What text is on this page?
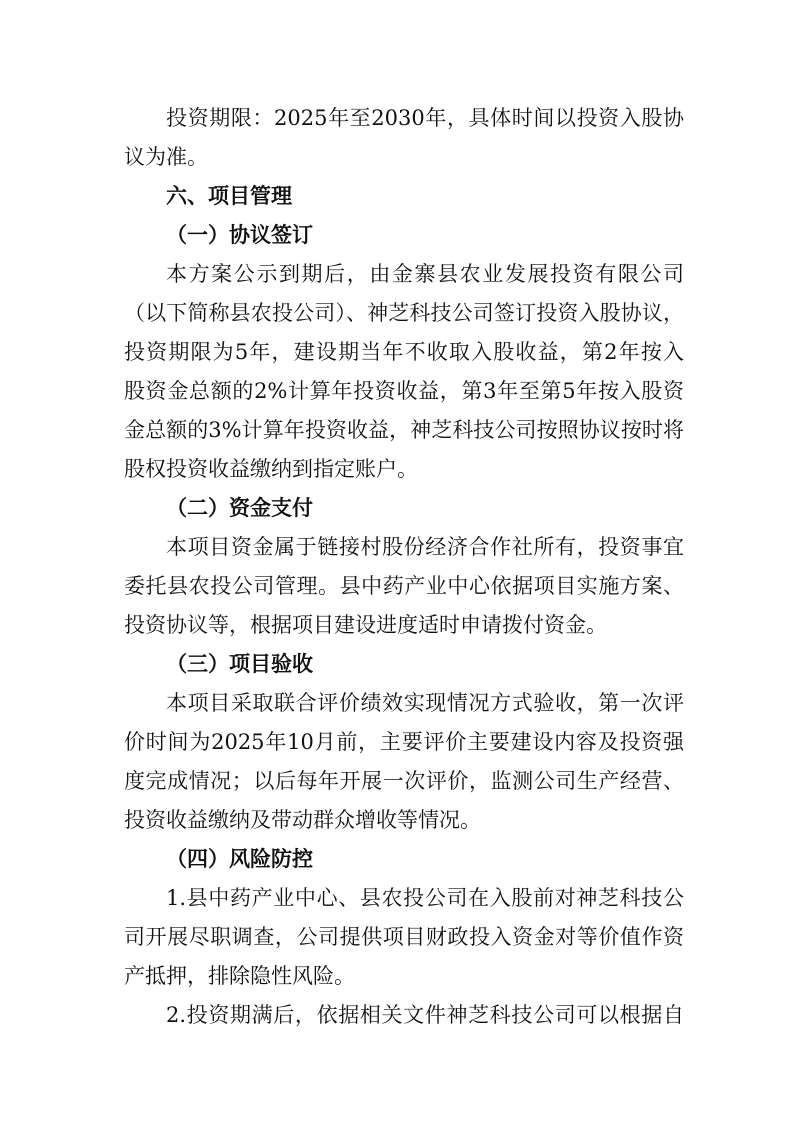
投资期限：2025年至2030年，具体时间以投资入股协
议为准。
六、项目管理
（一）协议签订
本方案公示到期后，由金寨县农业发展投资有限公司
（以下简称县农投公司）、神芝科技公司签订投资入股协议，
投资期限为5年，建设期当年不收取入股收益，第2年按入
股资金总额的2%计算年投资收益，第3年至第5年按入股资
金总额的3%计算年投资收益，神芝科技公司按照协议按时将
股权投资收益缴纳到指定账户。
（二）资金支付
本项目资金属于链接村股份经济合作社所有，投资事宜
委托县农投公司管理。县中药产业中心依据项目实施方案、
投资协议等，根据项目建设进度适时申请拨付资金。
（三）项目验收
本项目采取联合评价绩效实现情况方式验收，第一次评
价时间为2025年10月前，主要评价主要建设内容及投资强
度完成情况；以后每年开展一次评价，监测公司生产经营、
投资收益缴纳及带动群众增收等情况。
（四）风险防控
1.县中药产业中心、县农投公司在入股前对神芝科技公
司开展尽职调查，公司提供项目财政投入资金对等价值作资
产抵押，排除隐性风险。
2.投资期满后，依据相关文件神芝科技公司可以根据自
